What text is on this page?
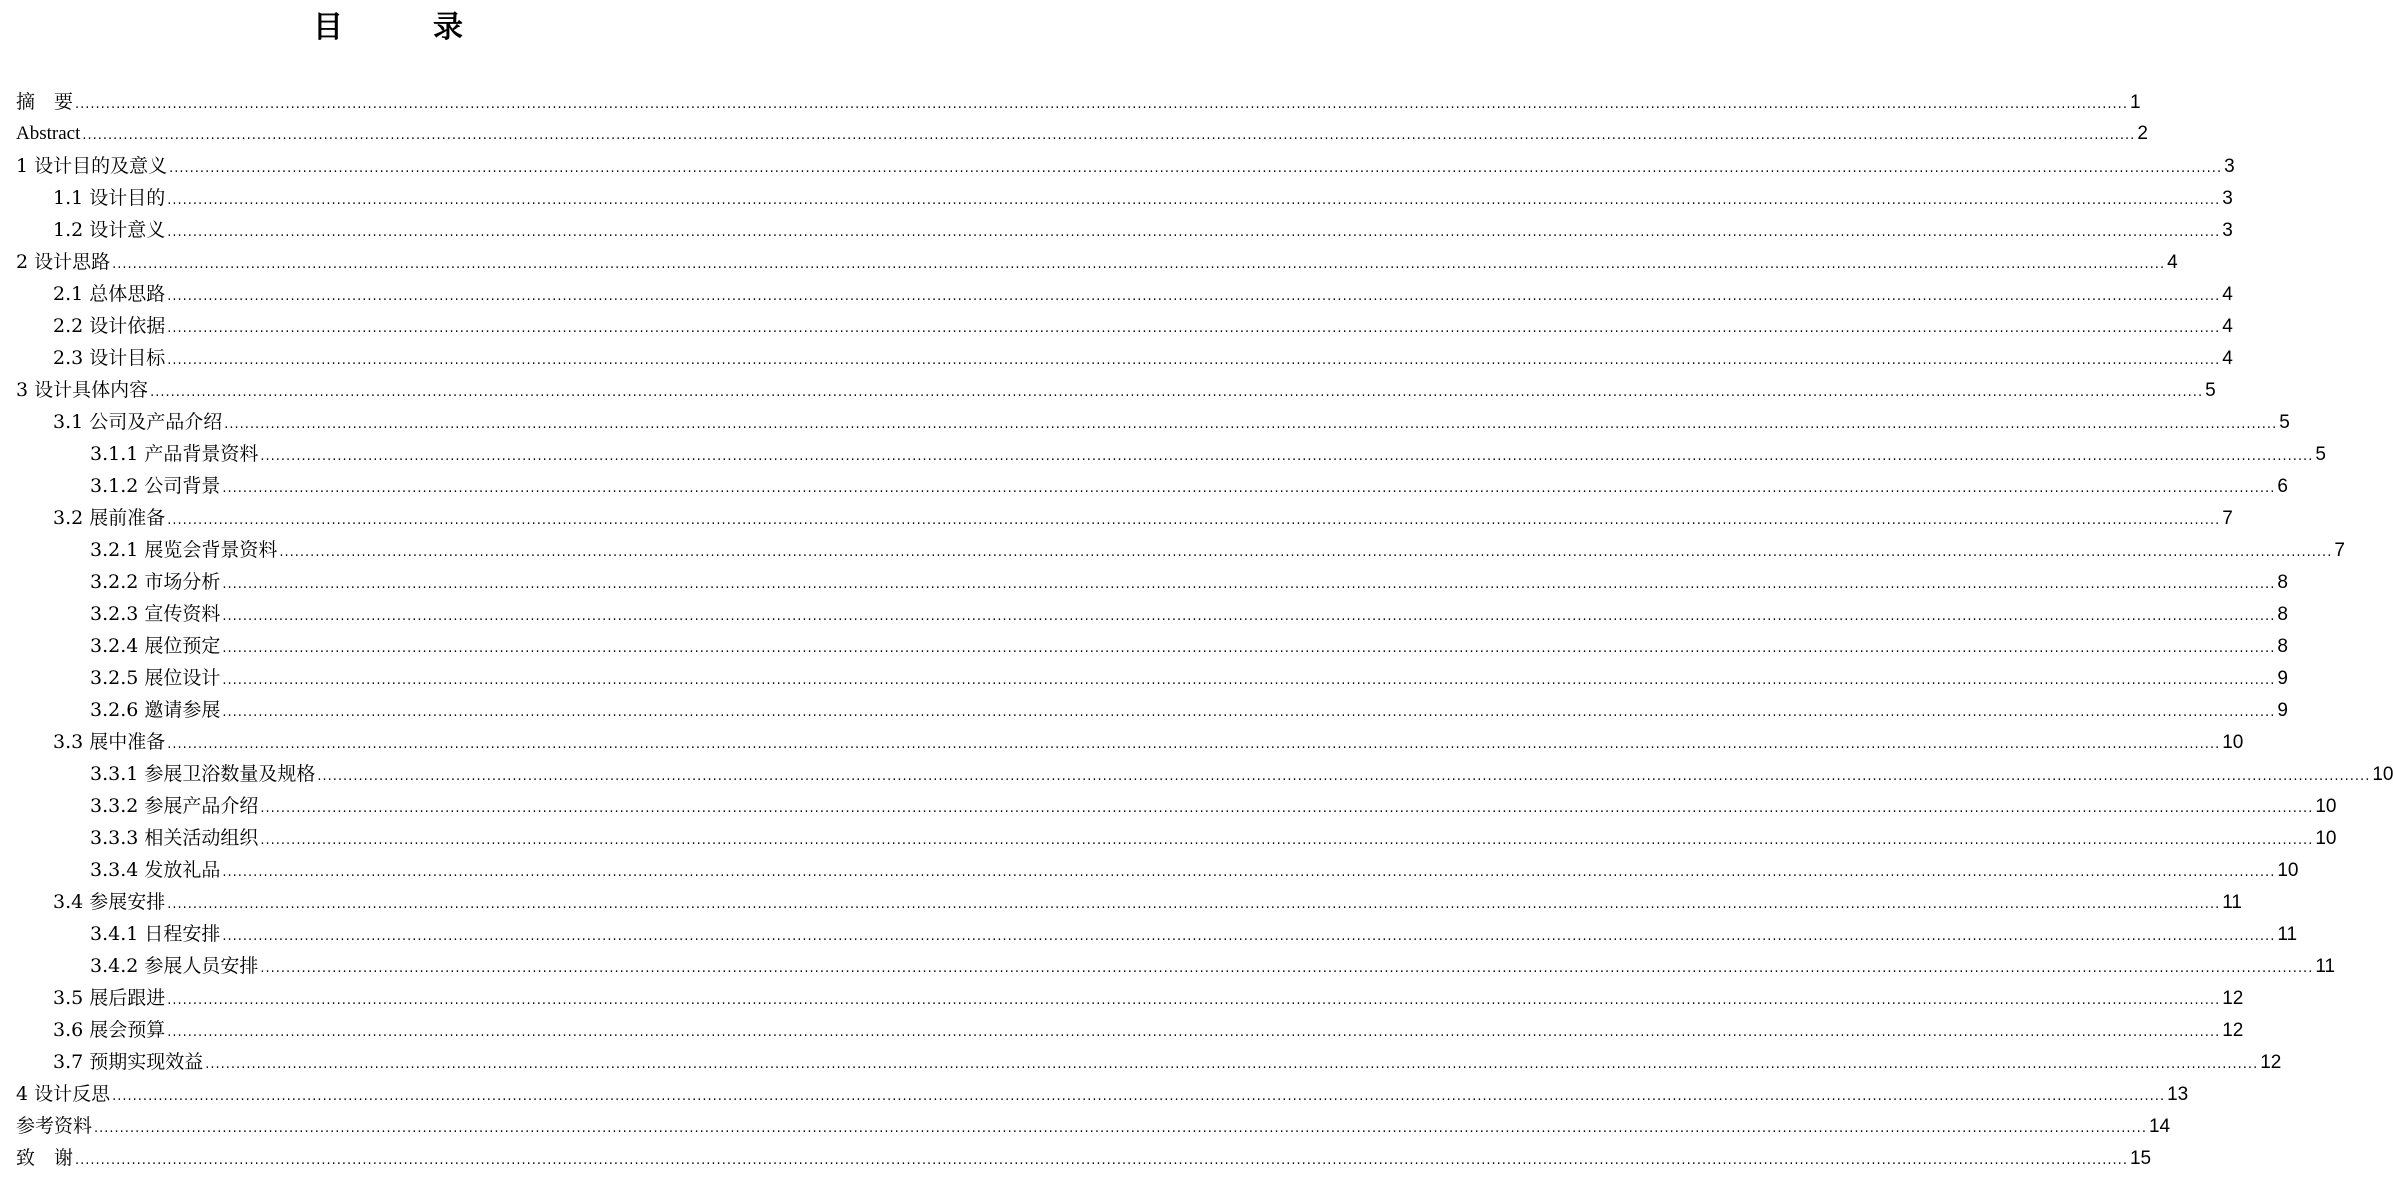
目　录
摘　要 ................................................................................................................................................................................................................................................................................................................................................................................................................ 1
Abstract ................................................................................................................................................................................................................................................................................................................................................................................................................ 2
1 设计目的及意义 ................................................................................................................................................................................................................................................................................................................................................................................................................ 3
1.1 设计目的 ................................................................................................................................................................................................................................................................................................................................................................................................................ 3
1.2 设计意义 ................................................................................................................................................................................................................................................................................................................................................................................................................ 3
2 设计思路 ................................................................................................................................................................................................................................................................................................................................................................................................................ 4
2.1 总体思路 ................................................................................................................................................................................................................................................................................................................................................................................................................ 4
2.2 设计依据 ................................................................................................................................................................................................................................................................................................................................................................................................................ 4
2.3 设计目标 ................................................................................................................................................................................................................................................................................................................................................................................................................ 4
3 设计具体内容 ................................................................................................................................................................................................................................................................................................................................................................................................................ 5
3.1 公司及产品介绍 ................................................................................................................................................................................................................................................................................................................................................................................................................ 5
3.1.1 产品背景资料 ................................................................................................................................................................................................................................................................................................................................................................................................................ 5
3.1.2 公司背景 ................................................................................................................................................................................................................................................................................................................................................................................................................ 6
3.2 展前准备 ................................................................................................................................................................................................................................................................................................................................................................................................................ 7
3.2.1 展览会背景资料 ................................................................................................................................................................................................................................................................................................................................................................................................................ 7
3.2.2 市场分析 ................................................................................................................................................................................................................................................................................................................................................................................................................ 8
3.2.3 宣传资料 ................................................................................................................................................................................................................................................................................................................................................................................................................ 8
3.2.4 展位预定 ................................................................................................................................................................................................................................................................................................................................................................................................................ 8
3.2.5 展位设计 ................................................................................................................................................................................................................................................................................................................................................................................................................ 9
3.2.6 邀请参展 ................................................................................................................................................................................................................................................................................................................................................................................................................ 9
3.3 展中准备 ................................................................................................................................................................................................................................................................................................................................................................................................................ 10
3.3.1 参展卫浴数量及规格 ................................................................................................................................................................................................................................................................................................................................................................................................................ 10
3.3.2 参展产品介绍 ................................................................................................................................................................................................................................................................................................................................................................................................................ 10
3.3.3 相关活动组织 ................................................................................................................................................................................................................................................................................................................................................................................................................ 10
3.3.4 发放礼品 ................................................................................................................................................................................................................................................................................................................................................................................................................ 10
3.4 参展安排 ................................................................................................................................................................................................................................................................................................................................................................................................................ 11
3.4.1 日程安排 ................................................................................................................................................................................................................................................................................................................................................................................................................ 11
3.4.2 参展人员安排 ................................................................................................................................................................................................................................................................................................................................................................................................................ 11
3.5 展后跟进 ................................................................................................................................................................................................................................................................................................................................................................................................................ 12
3.6 展会预算 ................................................................................................................................................................................................................................................................................................................................................................................................................ 12
3.7 预期实现效益 ................................................................................................................................................................................................................................................................................................................................................................................................................ 12
4 设计反思 ................................................................................................................................................................................................................................................................................................................................................................................................................ 13
参考资料 ................................................................................................................................................................................................................................................................................................................................................................................................................ 14
致　谢 ................................................................................................................................................................................................................................................................................................................................................................................................................ 15
